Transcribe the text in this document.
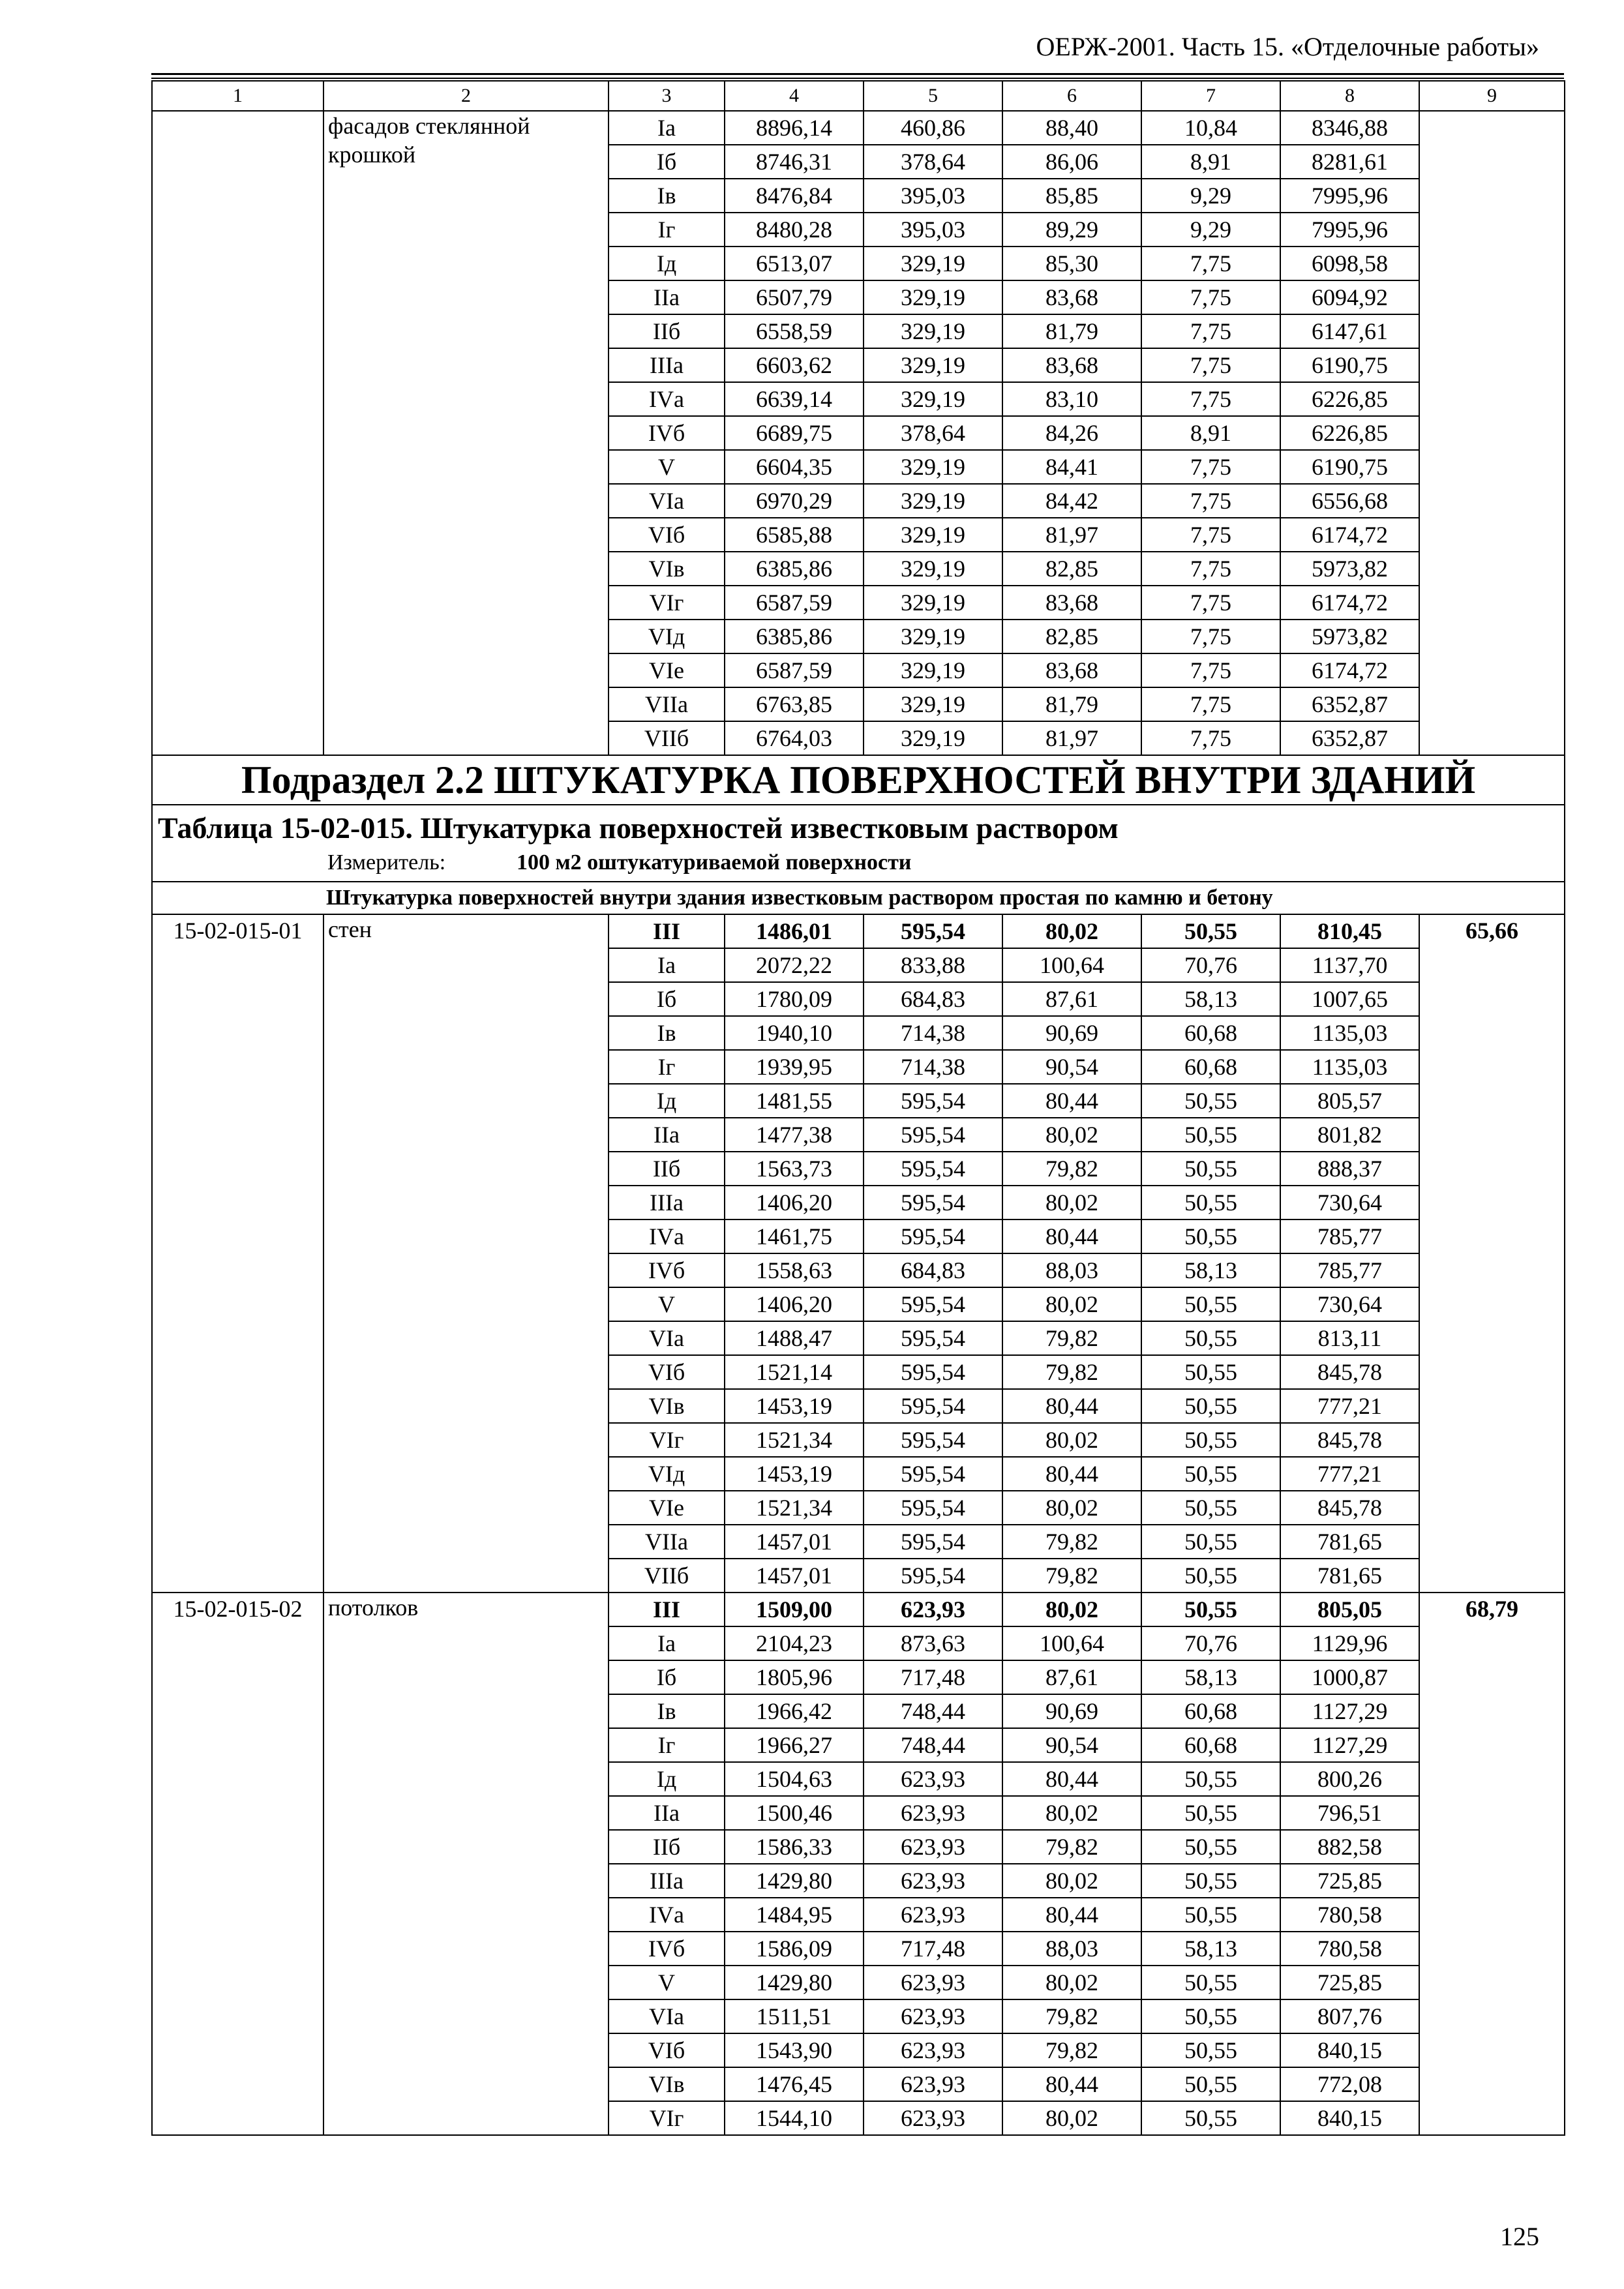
ОЕРЖ-2001. Часть 15. «Отделочные работы»
1	2	3	4	5	6	7	8	9
	фасадов стеклянной крошкой	Iа	8896,14	460,86	88,40	10,84	8346,88	
		Iб	8746,31	378,64	86,06	8,91	8281,61	
		Iв	8476,84	395,03	85,85	9,29	7995,96	
		Iг	8480,28	395,03	89,29	9,29	7995,96	
		Iд	6513,07	329,19	85,30	7,75	6098,58	
		IIа	6507,79	329,19	83,68	7,75	6094,92	
		IIб	6558,59	329,19	81,79	7,75	6147,61	
		IIIа	6603,62	329,19	83,68	7,75	6190,75	
		IVа	6639,14	329,19	83,10	7,75	6226,85	
		IVб	6689,75	378,64	84,26	8,91	6226,85	
		V	6604,35	329,19	84,41	7,75	6190,75	
		VIа	6970,29	329,19	84,42	7,75	6556,68	
		VIб	6585,88	329,19	81,97	7,75	6174,72	
		VIв	6385,86	329,19	82,85	7,75	5973,82	
		VIг	6587,59	329,19	83,68	7,75	6174,72	
		VIд	6385,86	329,19	82,85	7,75	5973,82	
		VIе	6587,59	329,19	83,68	7,75	6174,72	
		VIIа	6763,85	329,19	81,79	7,75	6352,87	
		VIIб	6764,03	329,19	81,97	7,75	6352,87	
Подраздел 2.2 ШТУКАТУРКА ПОВЕРХНОСТЕЙ ВНУТРИ ЗДАНИЙ								

Таблица 15-02-015. Штукатурка поверхностей известковым раствором
Измеритель: 100 м2 оштукатуриваемой поверхности								

Штукатурка поверхностей внутри здания известковым раствором простая по камню и бетону								
15-02-015-01	стен	III	1486,01	595,54	80,02	50,55	810,45	65,66
		Iа	2072,22	833,88	100,64	70,76	1137,70	
		Iб	1780,09	684,83	87,61	58,13	1007,65	
		Iв	1940,10	714,38	90,69	60,68	1135,03	
		Iг	1939,95	714,38	90,54	60,68	1135,03	
		Iд	1481,55	595,54	80,44	50,55	805,57	
		IIа	1477,38	595,54	80,02	50,55	801,82	
		IIб	1563,73	595,54	79,82	50,55	888,37	
		IIIа	1406,20	595,54	80,02	50,55	730,64	
		IVа	1461,75	595,54	80,44	50,55	785,77	
		IVб	1558,63	684,83	88,03	58,13	785,77	
		V	1406,20	595,54	80,02	50,55	730,64	
		VIа	1488,47	595,54	79,82	50,55	813,11	
		VIб	1521,14	595,54	79,82	50,55	845,78	
		VIв	1453,19	595,54	80,44	50,55	777,21	
		VIг	1521,34	595,54	80,02	50,55	845,78	
		VIд	1453,19	595,54	80,44	50,55	777,21	
		VIе	1521,34	595,54	80,02	50,55	845,78	
		VIIа	1457,01	595,54	79,82	50,55	781,65	
		VIIб	1457,01	595,54	79,82	50,55	781,65	
15-02-015-02	потолков	III	1509,00	623,93	80,02	50,55	805,05	68,79
		Iа	2104,23	873,63	100,64	70,76	1129,96	
		Iб	1805,96	717,48	87,61	58,13	1000,87	
		Iв	1966,42	748,44	90,69	60,68	1127,29	
		Iг	1966,27	748,44	90,54	60,68	1127,29	
		Iд	1504,63	623,93	80,44	50,55	800,26	
		IIа	1500,46	623,93	80,02	50,55	796,51	
		IIб	1586,33	623,93	79,82	50,55	882,58	
		IIIа	1429,80	623,93	80,02	50,55	725,85	
		IVа	1484,95	623,93	80,44	50,55	780,58	
		IVб	1586,09	717,48	88,03	58,13	780,58	
		V	1429,80	623,93	80,02	50,55	725,85	
		VIа	1511,51	623,93	79,82	50,55	807,76	
		VIб	1543,90	623,93	79,82	50,55	840,15	
		VIв	1476,45	623,93	80,44	50,55	772,08	
		VIг	1544,10	623,93	80,02	50,55	840,15	
125
